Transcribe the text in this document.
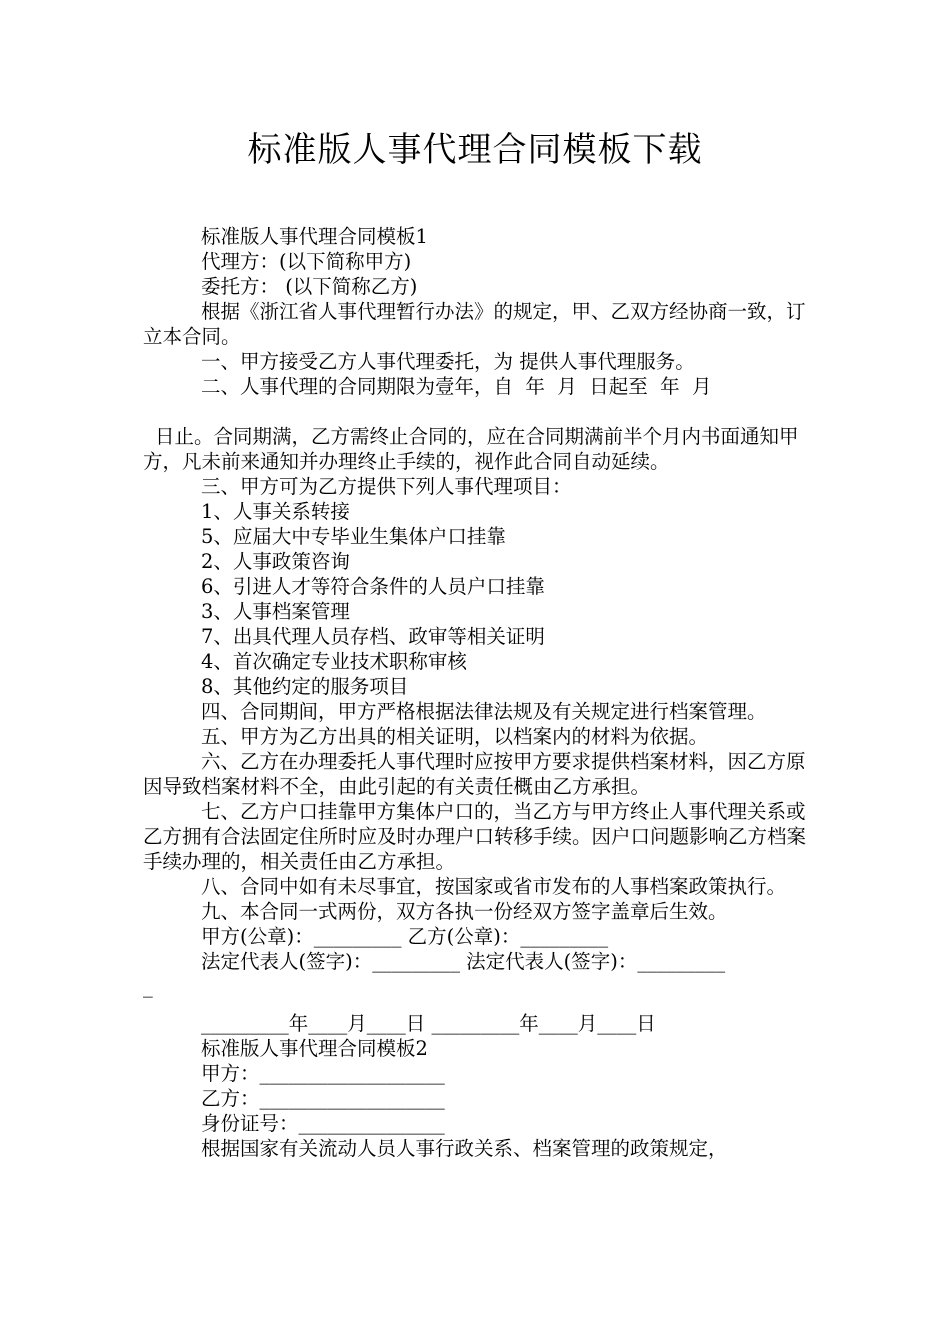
标准版人事代理合同模板下载

标准版人事代理合同模板1

代理方：(以下简称甲方)

委托方： (以下简称乙方)

根据《浙江省人事代理暂行办法》的规定，甲、乙双方经协商一致，订立本合同。

一、甲方接受乙方人事代理委托，为 提供人事代理服务。

二、人事代理的合同期限为壹年，自  年  月  日起至  年  月

日止。合同期满，乙方需终止合同的，应在合同期满前半个月内书面通知甲方，凡未前来通知并办理终止手续的，视作此合同自动延续。

三、甲方可为乙方提供下列人事代理项目：

1、人事关系转接

5、应届大中专毕业生集体户口挂靠

2、人事政策咨询

6、引进人才等符合条件的人员户口挂靠

3、人事档案管理

7、出具代理人员存档、政审等相关证明

4、首次确定专业技术职称审核

8、其他约定的服务项目

四、合同期间，甲方严格根据法律法规及有关规定进行档案管理。

五、甲方为乙方出具的相关证明，以档案内的材料为依据。

六、乙方在办理委托人事代理时应按甲方要求提供档案材料，因乙方原因导致档案材料不全，由此引起的有关责任概由乙方承担。

七、乙方户口挂靠甲方集体户口的，当乙方与甲方终止人事代理关系或乙方拥有合法固定住所时应及时办理户口转移手续。因户口问题影响乙方档案手续办理的，相关责任由乙方承担。

八、合同中如有未尽事宜，按国家或省市发布的人事档案政策执行。

九、本合同一式两份，双方各执一份经双方签字盖章后生效。

甲方(公章)：_________ 乙方(公章)：_________

法定代表人(签字)：_________ 法定代表人(签字)：_________

_

_________年____月____日 _________年____月____日

标准版人事代理合同模板2

甲方：___________________

乙方：___________________

身份证号：_______________

根据国家有关流动人员人事行政关系、档案管理的政策规定，
